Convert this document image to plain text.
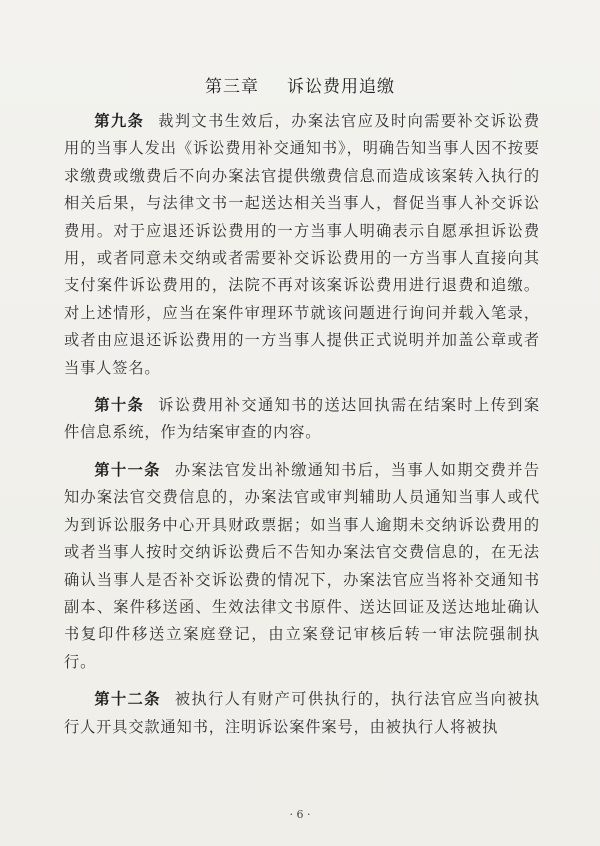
第三章 诉讼费用追缴

第九条 裁判文书生效后，办案法官应及时向需要补交诉讼费用的当事人发出《诉讼费用补交通知书》，明确告知当事人因不按要求缴费或缴费后不向办案法官提供缴费信息而造成该案转入执行的相关后果，与法律文书一起送达相关当事人，督促当事人补交诉讼费用。对于应退还诉讼费用的一方当事人明确表示自愿承担诉讼费用，或者同意未交纳或者需要补交诉讼费用的一方当事人直接向其支付案件诉讼费用的，法院不再对该案诉讼费用进行退费和追缴。对上述情形，应当在案件审理环节就该问题进行询问并载入笔录，或者由应退还诉讼费用的一方当事人提供正式说明并加盖公章或者当事人签名。

第十条 诉讼费用补交通知书的送达回执需在结案时上传到案件信息系统，作为结案审查的内容。

第十一条 办案法官发出补缴通知书后，当事人如期交费并告知办案法官交费信息的，办案法官或审判辅助人员通知当事人或代为到诉讼服务中心开具财政票据；如当事人逾期未交纳诉讼费用的或者当事人按时交纳诉讼费后不告知办案法官交费信息的，在无法确认当事人是否补交诉讼费的情况下，办案法官应当将补交通知书副本、案件移送函、生效法律文书原件、送达回证及送达地址确认书复印件移送立案庭登记，由立案登记审核后转一审法院强制执行。

第十二条 被执行人有财产可供执行的，执行法官应当向被执行人开具交款通知书，注明诉讼案件案号，由被执行人将被执

· 6 ·
